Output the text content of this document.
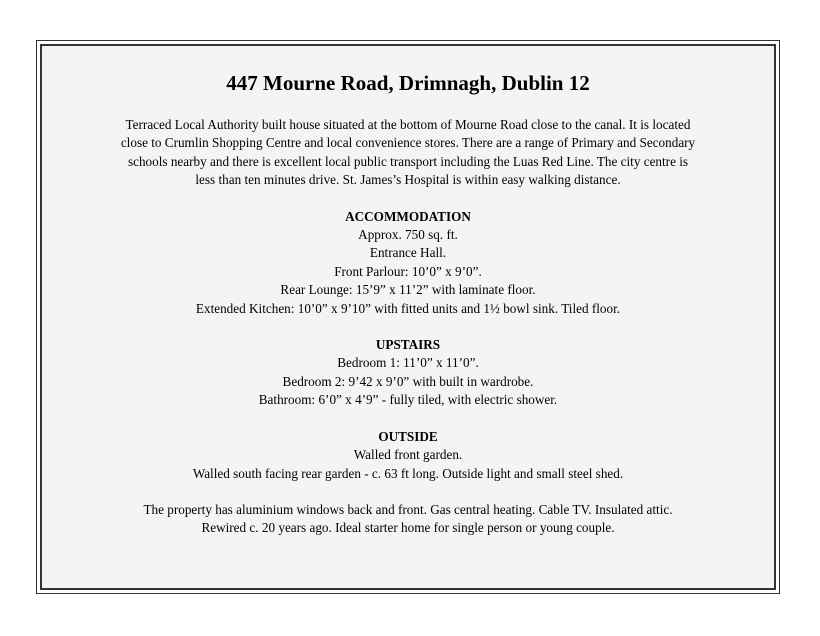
447 Mourne Road, Drimnagh, Dublin 12
Terraced Local Authority built house situated at the bottom of Mourne Road close to the canal. It is located
close to Crumlin Shopping Centre and local convenience stores. There are a range of Primary and Secondary
schools nearby and there is excellent local public transport including the Luas Red Line. The city centre is
less than ten minutes drive. St. James’s Hospital is within easy walking distance.
ACCOMMODATION
Approx. 750 sq. ft.
Entrance Hall.
Front Parlour: 10’0” x 9’0”.
Rear Lounge: 15’9” x 11’2” with laminate floor.
Extended Kitchen: 10’0” x 9’10” with fitted units and 1½ bowl sink. Tiled floor.
UPSTAIRS
Bedroom 1: 11’0” x 11’0”.
Bedroom 2: 9’42 x 9’0” with built in wardrobe.
Bathroom: 6’0” x 4’9” - fully tiled, with electric shower.
OUTSIDE
Walled front garden.
Walled south facing rear garden - c. 63 ft long. Outside light and small steel shed.
The property has aluminium windows back and front. Gas central heating. Cable TV. Insulated attic.
Rewired c. 20 years ago. Ideal starter home for single person or young couple.
